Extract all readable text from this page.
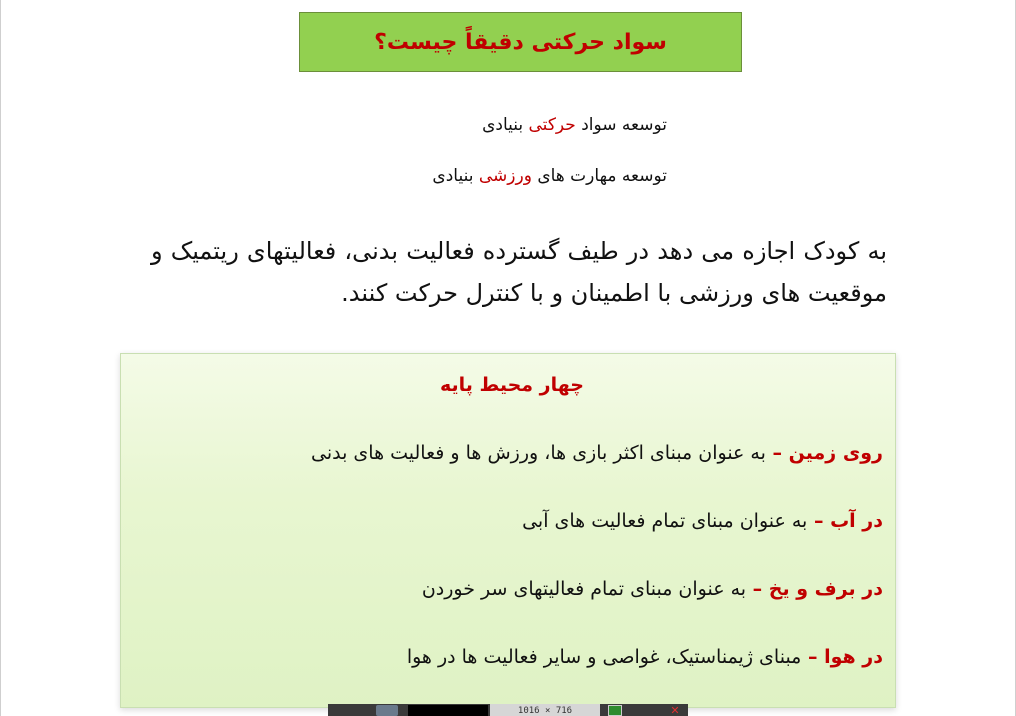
سواد حرکتی دقیقاً چیست؟
توسعه سواد حرکتی بنیادی
توسعه مهارت های ورزشی بنیادی
به کودک اجازه می دهد در طیف گسترده فعالیت بدنی، فعالیتهای ریتمیک و موقعیت های ورزشی با اطمینان و با کنترل حرکت کنند.
چهار محیط پایه
روی زمین – به عنوان مبنای اکثر بازی ها، ورزش ها و فعالیت های بدنی
در آب – به عنوان مبنای تمام فعالیت های آبی
در برف و یخ – به عنوان مبنای تمام فعالیتهای سر خوردن
در هوا – مبنای ژیمناستیک، غواصی و سایر فعالیت ها در هوا
1016 × 716	✕
